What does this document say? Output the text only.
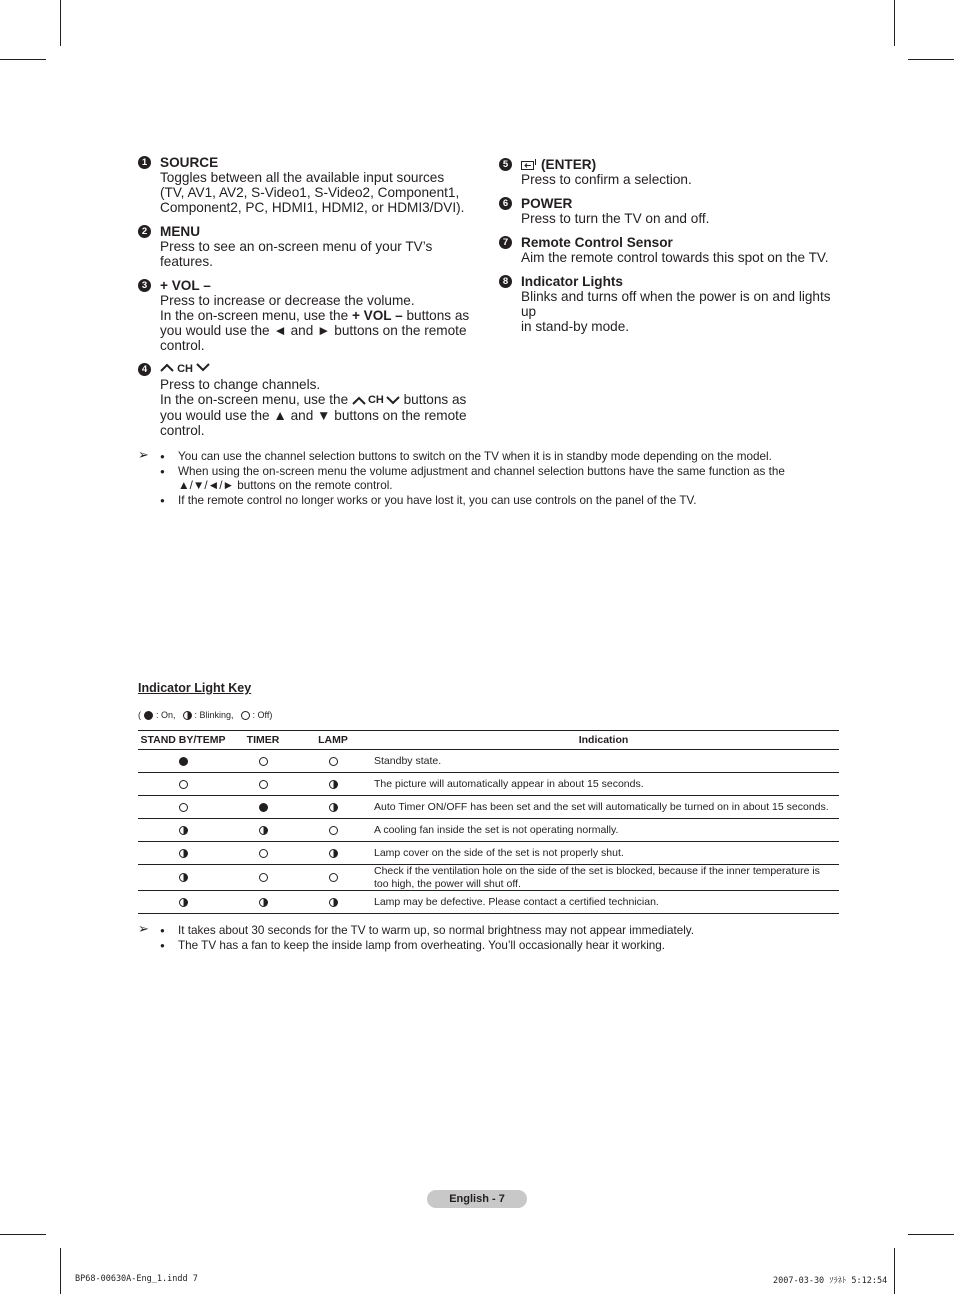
1 SOURCE
Toggles between all the available input sources
(TV, AV1, AV2, S-Video1, S-Video2, Component1,
Component2, PC, HDMI1, HDMI2, or HDMI3/DVI).
2 MENU
Press to see an on-screen menu of your TV’s features.
3 + VOL –
Press to increase or decrease the volume.
In the on-screen menu, use the + VOL – buttons as
you would use the ◄ and ► buttons on the remote
control.
4	CH
Press to change channels.
In the on-screen menu, use the CH buttons as
you would use the ▲ and ▼ buttons on the remote
control.
5	(ENTER)
Press to confirm a selection.
6 POWER
Press to turn the TV on and off.
7 Remote Control Sensor
Aim the remote control towards this spot on the TV.
8 Indicator Lights
Blinks and turns off when the power is on and lights up
in stand-by mode.
➢	● You can use the channel selection buttons to switch on the TV when it is in standby mode depending on the model.
● When using the on-screen menu the volume adjustment and channel selection buttons have the same function as the
▲/▼/◄/► buttons on the remote control.
● If the remote control no longer works or you have lost it, you can use controls on the panel of the TV.
Indicator Light Key
( : On, : Blinking, : Off)
STAND BY/TEMP	TIMER	LAMP	Indication
			Standby state.
			The picture will automatically appear in about 15 seconds.
			Auto Timer ON/OFF has been set and the set will automatically be turned on in about 15 seconds.
			A cooling fan inside the set is not operating normally.
			Lamp cover on the side of the set is not properly shut.
			Check if the ventilation hole on the side of the set is blocked, because if the inner temperature is too high, the power will shut off.
			Lamp may be defective. Please contact a certified technician.
➢	● It takes about 30 seconds for the TV to warm up, so normal brightness may not appear immediately.
● The TV has a fan to keep the inside lamp from overheating. You’ll occasionally hear it working.
English - 7
BP68-00630A-Eng_1.indd 7	2007-03-30 ｿﾗﾈﾄ 5:12:54
